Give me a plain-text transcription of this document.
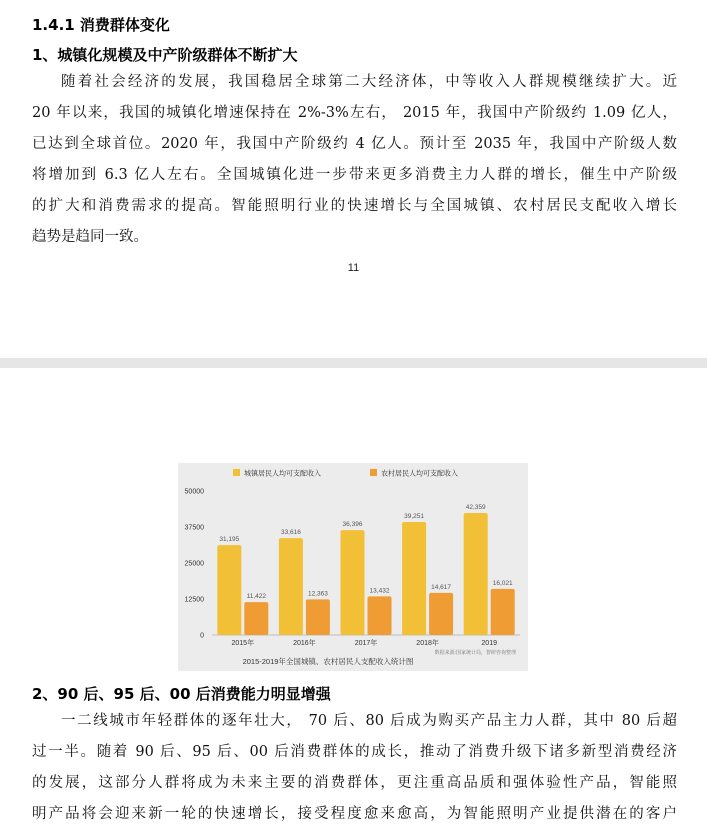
1.4.1 消费群体变化
1、城镇化规模及中产阶级群体不断扩大
随着社会经济的发展，我国稳居全球第二大经济体，中等收入人群规模继续扩大。近
20 年以来，我国的城镇化增速保持在 2%-3%左右， 2015 年，我国中产阶级约 1.09 亿人，
已达到全球首位。2020 年，我国中产阶级约 4 亿人。预计至 2035 年，我国中产阶级人数
将增加到 6.3 亿人左右。全国城镇化进一步带来更多消费主力人群的增长，催生中产阶级
的扩大和消费需求的提高。智能照明行业的快速增长与全国城镇、农村居民支配收入增长
趋势是趋同一致。
11
城镇居民人均可支配收入	农村居民人均可支配收入
50000
37500
25000
12500
0
31,195
11,422
33,616
12,363
36,396
13,432
39,251
14,617
42,359
16,021
2015年	2016年	2017年	2018年	2019
数据来源:国家统计局，智研咨询整理
2015-2019年全国城镇、农村居民人支配收入统计图
2、90 后、95 后、00 后消费能力明显增强
一二线城市年轻群体的逐年壮大， 70 后、80 后成为购买产品主力人群，其中 80 后超
过一半。随着 90 后、95 后、00 后消费群体的成长，推动了消费升级下诸多新型消费经济
的发展，这部分人群将成为未来主要的消费群体，更注重高品质和强体验性产品，智能照
明产品将会迎来新一轮的快速增长，接受程度愈来愈高，为智能照明产业提供潜在的客户
